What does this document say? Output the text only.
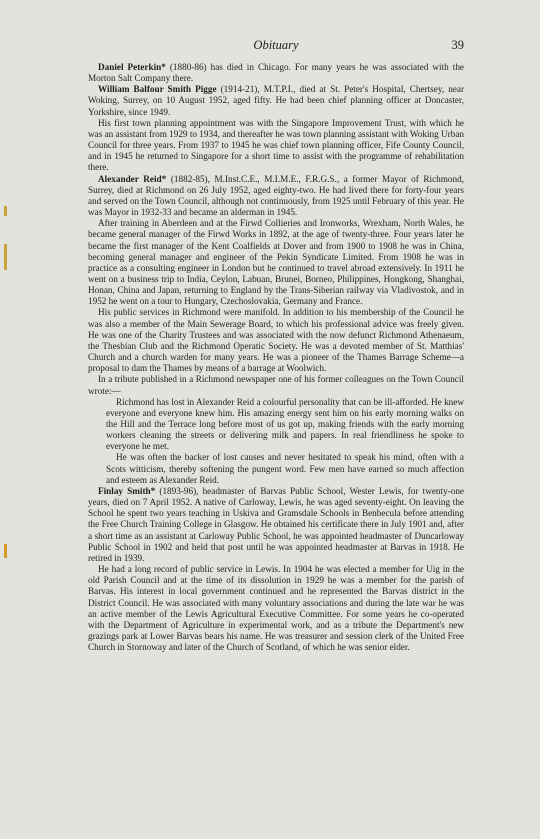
Obituary	39

Daniel Peterkin* (1880-86) has died in Chicago. For many years he was associated with the Morton Salt Company there.

William Balfour Smith Pigge (1914-21), M.T.P.I., died at St. Peter's Hospital, Chertsey, near Woking, Surrey, on 10 August 1952, aged fifty. He had been chief planning officer at Doncaster, Yorkshire, since 1949.

His first town planning appointment was with the Singapore Improvement Trust, with which he was an assistant from 1929 to 1934, and thereafter he was town planning assistant with Woking Urban Council for three years. From 1937 to 1945 he was chief town planning officer, Fife County Council, and in 1945 he returned to Singapore for a short time to assist with the programme of rehabilitation there.

Alexander Reid* (1882-85), M.Inst.C.E., M.I.M.E., F.R.G.S., a former Mayor of Richmond, Surrey, died at Richmond on 26 July 1952, aged eighty-two. He had lived there for forty-four years and served on the Town Council, although not continuously, from 1925 until February of this year. He was Mayor in 1932-33 and became an alderman in 1945.

After training in Aberdeen and at the Firwd Collieries and Ironworks, Wrexham, North Wales, he became general manager of the Firwd Works in 1892, at the age of twenty-three. Four years later he became the first manager of the Kent Coalfields at Dover and from 1900 to 1908 he was in China, becoming general manager and engineer of the Pekin Syndicate Limited. From 1908 he was in practice as a consulting engineer in London but he continued to travel abroad extensively. In 1911 he went on a business trip to India, Ceylon, Labuan, Brunei, Borneo, Philippines, Hongkong, Shanghai, Honan, China and Japan, returning to England by the Trans-Siberian railway via Vladivostok, and in 1952 he went on a tour to Hungary, Czechoslovakia, Germany and France.

His public services in Richmond were manifold. In addition to his membership of the Council he was also a member of the Main Sewerage Board, to which his professional advice was freely given. He was one of the Charity Trustees and was associated with the now defunct Richmond Athenaeum, the Thesbian Club and the Richmond Operatic Society. He was a devoted member of St. Matthias' Church and a church warden for many years. He was a pioneer of the Thames Barrage Scheme—a proposal to dam the Thames by means of a barrage at Woolwich.

In a tribute published in a Richmond newspaper one of his former colleagues on the Town Council wrote:—

Richmond has lost in Alexander Reid a colourful personality that can be ill-afforded. He knew everyone and everyone knew him. His amazing energy sent him on his early morning walks on the Hill and the Terrace long before most of us got up, making friends with the early morning workers cleaning the streets or delivering milk and papers. In real friendliness he spoke to everyone he met.

He was often the backer of lost causes and never hesitated to speak his mind, often with a Scots witticism, thereby softening the pungent word. Few men have earned so much affection and esteem as Alexander Reid.

Finlay Smith* (1893-96), headmaster of Barvas Public School, Wester Lewis, for twenty-one years, died on 7 April 1952. A native of Carloway, Lewis, he was aged seventy-eight. On leaving the School he spent two years teaching in Uskiva and Gramsdale Schools in Benbecula before attending the Free Church Training College in Glasgow. He obtained his certificate there in July 1901 and, after a short time as an assistant at Carloway Public School, he was appointed headmaster of Duncarloway Public School in 1902 and held that post until he was appointed headmaster at Barvas in 1918. He retired in 1939.

He had a long record of public service in Lewis. In 1904 he was elected a member for Uig in the old Parish Council and at the time of its dissolution in 1929 he was a member for the parish of Barvas. His interest in local government continued and he represented the Barvas district in the District Council. He was associated with many voluntary associations and during the late war he was an active member of the Lewis Agricultural Executive Committee. For some years he co-operated with the Department of Agriculture in experimental work, and as a tribute the Department's new grazings park at Lower Barvas bears his name. He was treasurer and session clerk of the United Free Church in Stornoway and later of the Church of Scotland, of which he was senior elder.
